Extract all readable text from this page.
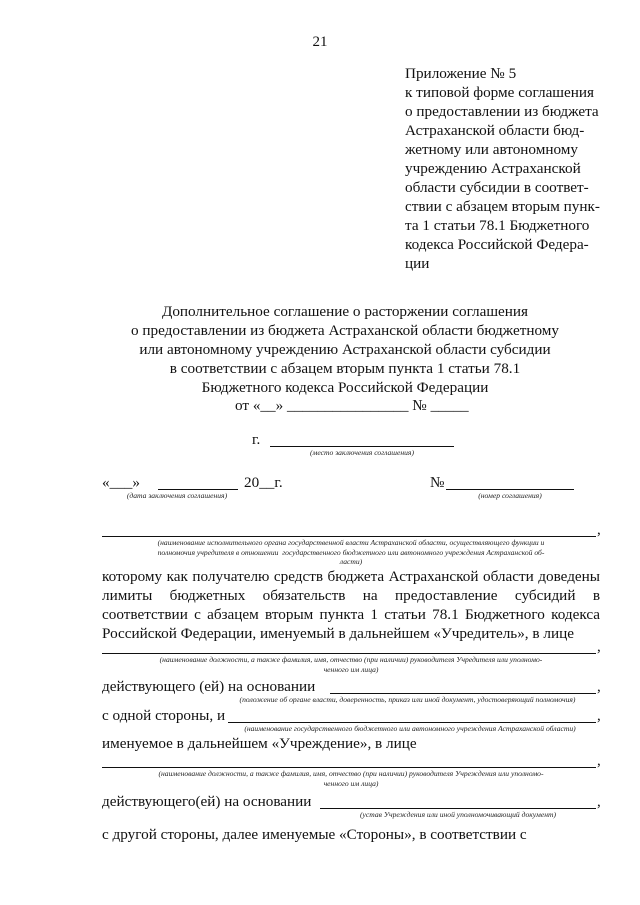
21
Приложение № 5
к типовой форме соглашения
о предоставлении из бюджета
Астраханской области бюд-
жетному или автономному
учреждению Астраханской
области субсидии в соответ-
ствии с абзацем вторым пунк-
та 1 статьи 78.1 Бюджетного
кодекса Российской Федера-
ции
Дополнительное соглашение о расторжении соглашения
о предоставлении из бюджета Астраханской области бюджетному
или автономному учреждению Астраханской области субсидии
в соответствии с абзацем вторым пункта 1 статьи 78.1
Бюджетного кодекса Российской Федерации
от «__» ________________ № _____
г.
(место заключения соглашения)
«___»	20__г.
(дата заключения соглашения)
№
(номер соглашения)
,
(наименование исполнительного органа государственной власти Астраханской области, осуществляющего функции и
полномочия учредителя в отношении  государственного бюджетного или автономного учреждения Астраханской об-
ласти)
которому как получателю средств бюджета Астраханской области доведены лимиты бюджетных обязательств на предоставление субсидий в соответствии с абзацем вторым пункта 1 статьи 78.1 Бюджетного кодекса Российской Федерации, именуемый в дальнейшем «Учредитель», в лице
,
(наименование должности, а также фамилия, имя, отчество (при наличии) руководителя Учредителя или уполномо-
ченного им лица)
действующего (ей) на основании	,
(положение об органе власти, доверенность, приказ или иной документ, удостоверяющий полномочия)
с одной стороны, и	,
(наименование государственного бюджетного или автономного учреждения Астраханской области)
именуемое в дальнейшем «Учреждение», в лице
,
(наименование должности, а также фамилия, имя, отчество (при наличии) руководителя Учреждения или уполномо-
ченного им лица)
действующего(ей) на основании	,
(устав Учреждения или иной уполномочивающий документ)
с другой стороны, далее именуемые «Стороны», в соответствии с
